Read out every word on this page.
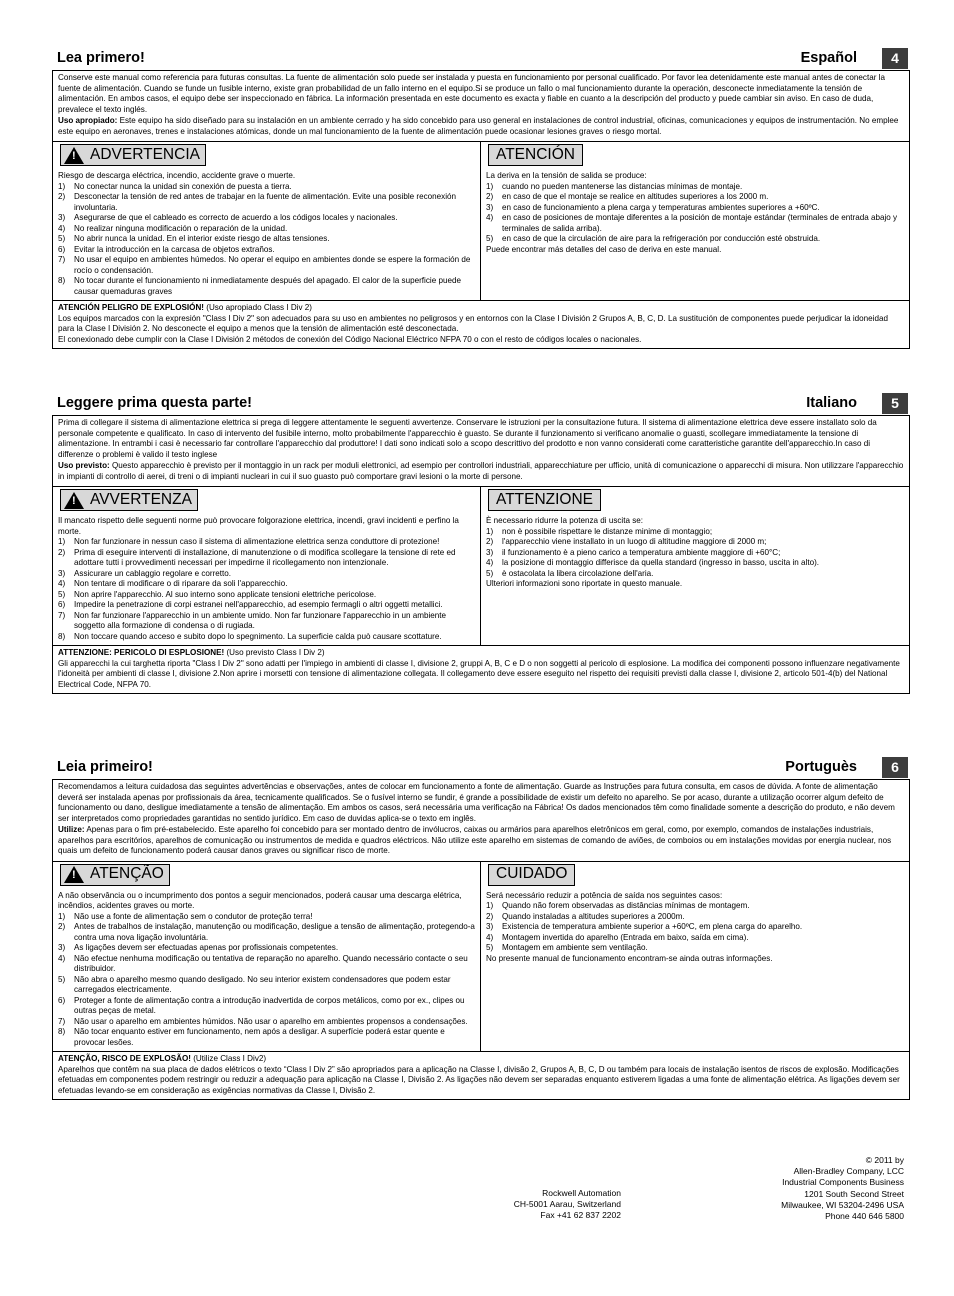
Lea primero!	Español	4

Conserve este manual como referencia para futuras consultas. La fuente de alimentación solo puede ser instalada y puesta en funcionamiento por personal cualificado. Por favor lea detenidamente este manual antes de conectar la fuente de alimentación. Cuando se funde un fusible interno, existe gran probabilidad de un fallo interno en el equipo.Si se produce un fallo o mal funcionamiento durante la operación, desconecte inmediatamente la tensión de alimentación. En ambos casos, el equipo debe ser inspeccionado en fábrica. La información presentada en este documento es exacta y fiable en cuanto a la descripción del producto y puede cambiar sin aviso. En caso de duda, prevalece el texto inglés.

Uso apropiado: Este equipo ha sido diseñado para su instalación en un ambiente cerrado y ha sido concebido para uso general en instalaciones de control industrial, oficinas, comunicaciones y equipos de instrumentación. No emplee este equipo en aeronaves, trenes e instalaciones atómicas, donde un mal funcionamiento de la fuente de alimentación puede ocasionar lesiones graves o riesgo mortal.

! ADVERTENCIA
Riesgo de descarga eléctrica, incendio, accidente grave o muerte.
1) No conectar nunca la unidad sin conexión de puesta a tierra.
2) Desconectar la tensión de red antes de trabajar en la fuente de alimentación. Evite una posible reconexión involuntaria.
3) Asegurarse de que el cableado es correcto de acuerdo a los códigos locales y nacionales.
4) No realizar ninguna modificación o reparación de la unidad.
5) No abrir nunca la unidad. En el interior existe riesgo de altas tensiones.
6) Evitar la introducción en la carcasa de objetos extraños.
7) No usar el equipo en ambientes húmedos. No operar el equipo en ambientes donde se espere la formación de rocío o condensación.
8) No tocar durante el funcionamiento ni inmediatamente después del apagado. El calor de la superficie puede causar quemaduras graves
ATENCIÓN
La deriva en la tensión de salida se produce:
1) cuando no pueden mantenerse las distancias mínimas de montaje.
2) en caso de que el montaje se realice en altitudes superiores a los 2000 m.
3) en caso de funcionamiento a plena carga y temperaturas ambientes superiores a +60ºC.
4) en caso de posiciones de montaje diferentes a la posición de montaje estándar (terminales de entrada abajo y terminales de salida arriba).
5) en caso de que la circulación de aire para la refrigeración por conducción esté obstruida.
Puede encontrar más detalles del caso de deriva en este manual.
ATENCIÓN PELIGRO DE EXPLOSIÓN! (Uso apropiado Class I Div 2)
Los equipos marcados con la expresión "Class I Div 2" son adecuados para su uso en ambientes no peligrosos y en entornos con la Clase I División 2 Grupos A, B, C, D. La sustitución de componentes puede perjudicar la idoneidad para la Clase I División 2. No desconecte el equipo a menos que la tensión de alimentación esté desconectada.
El conexionado debe cumplir con la Clase I División 2 métodos de conexión del Código Nacional Eléctrico NFPA 70 o con el resto de códigos locales o nacionales.
Leggere prima questa parte!	Italiano	5

Prima di collegare il sistema di alimentazione elettrica si prega di leggere attentamente le seguenti avvertenze. Conservare le istruzioni per la consultazione futura. Il sistema di alimentazione elettrica deve essere installato solo da personale competente e qualificato. In caso di intervento del fusibile interno, molto probabilmente l'apparecchio è guasto. Se durante il funzionamento si verificano anomalie o guasti, scollegare immediatamente la tensione di alimentazione. In entrambi i casi è necessario far controllare l'apparecchio dal produttore! I dati sono indicati solo a scopo descrittivo del prodotto e non vanno considerati come caratteristiche garantite dell'apparecchio.In caso di differenze o problemi è valido il testo inglese

Uso previsto: Questo apparecchio è previsto per il montaggio in un rack per moduli elettronici, ad esempio per controllori industriali, apparecchiature per ufficio, unità di comunicazione o apparecchi di misura. Non utilizzare l'apparecchio in impianti di controllo di aerei, di treni o di impianti nucleari in cui il suo guasto può comportare gravi lesioni o la morte di persone.

! AVVERTENZA
Il mancato rispetto delle seguenti norme può provocare folgorazione elettrica, incendi, gravi incidenti e perfino la morte.
1) Non far funzionare in nessun caso il sistema di alimentazione elettrica senza conduttore di protezione!
2) Prima di eseguire interventi di installazione, di manutenzione o di modifica scollegare la tensione di rete ed adottare tutti i provvedimenti necessari per impedirne il ricollegamento non intenzionale.
3) Assicurare un cablaggio regolare e corretto.
4) Non tentare di modificare o di riparare da soli l'apparecchio.
5) Non aprire l'apparecchio. Al suo interno sono applicate tensioni elettriche pericolose.
6) Impedire la penetrazione di corpi estranei nell'apparecchio, ad esempio fermagli o altri oggetti metallici.
7) Non far funzionare l'apparecchio in un ambiente umido. Non far funzionare l'apparecchio in un ambiente soggetto alla formazione di condensa o di rugiada.
8) Non toccare quando acceso e subito dopo lo spegnimento. La superficie calda può causare scottature.
ATTENZIONE
È necessario ridurre la potenza di uscita se:
1) non è possibile rispettare le distanze minime di montaggio;
2) l'apparecchio viene installato in un luogo di altitudine maggiore di 2000 m;
3) il funzionamento è a pieno carico a temperatura ambiente maggiore di +60°C;
4) la posizione di montaggio differisce da quella standard (ingresso in basso, uscita in alto).
5) è ostacolata la libera circolazione dell'aria.
Ulteriori informazioni sono riportate in questo manuale.
ATTENZIONE: PERICOLO DI ESPLOSIONE! (Uso previsto Class I Div 2)
Gli apparecchi la cui targhetta riporta "Class I Div 2" sono adatti per l'impiego in ambienti di classe I, divisione 2, gruppi A, B, C e D o non soggetti al pericolo di esplosione. La modifica dei componenti possono influenzare negativamente l'idoneità per ambienti di classe I, divisione 2.Non aprire i morsetti con tensione di alimentazione collegata. Il collegamento deve essere eseguito nel rispetto dei requisiti previsti dalla classe I, divisione 2, articolo 501-4(b) del National Electrical Code, NFPA 70.
Leia primeiro!	Portuguès	6

Recomendamos a leitura cuidadosa das seguintes advertências e observações, antes de colocar em funcionamento a fonte de alimentação. Guarde as Instruções para futura consulta, em casos de dúvida. A fonte de alimentação deverá ser instalada apenas por profissionais da área, tecnicamente qualificados. Se o fusível interno se fundir, é grande a possibilidade de existir um defeito no aparelho. Se por acaso, durante a utilização ocorrer algum defeito de funcionamento ou dano, desligue imediatamente a tensão de alimentação. Em ambos os casos, será necessária uma verificação na Fábrica! Os dados mencionados têm como finalidade somente a descrição do produto, e não devem ser interpretados como propriedades garantidas no sentido jurídico. Em caso de duvidas aplica-se o texto em inglês.

Utilize: Apenas para o fim pré-estabelecido. Este aparelho foi concebido para ser montado dentro de invólucros, caixas ou armários para aparelhos eletrônicos em geral, como, por exemplo, comandos de instalações industriais, aparelhos para escritórios, aparelhos de comunicação ou instrumentos de medida e quadros eléctricos. Não utilize este aparelho em sistemas de comando de aviões, de comboios ou em instalações movidas por energia nuclear, nos quais um defeito de funcionamento poderá causar danos graves ou significar risco de morte.

! ATENÇÃO
A não observância ou o incumprimento dos pontos a seguir mencionados, poderá causar uma descarga elétrica, incêndios, acidentes graves ou morte.
1) Não use a fonte de alimentação sem o condutor de proteção terra!
2) Antes de trabalhos de instalação, manutenção ou modificação, desligue a tensão de alimentação, protegendo-a contra uma nova ligação involuntária.
3) As ligações devem ser efectuadas apenas por profissionais competentes.
4) Não efectue nenhuma modificação ou tentativa de reparação no aparelho. Quando necessário contacte o seu distribuidor.
5) Não abra o aparelho mesmo quando desligado. No seu interior existem condensadores que podem estar carregados electricamente.
6) Proteger a fonte de alimentação contra a introdução inadvertida de corpos metálicos, como por ex., clipes ou outras peças de metal.
7) Não usar o aparelho em ambientes húmidos. Não usar o aparelho em ambientes propensos a condensações.
8) Não tocar enquanto estiver em funcionamento, nem após a desligar. A superfície poderá estar quente e provocar lesões.
CUIDADO
Será necessário reduzir a potência de saída nos seguintes casos:
1) Quando não forem observadas as distâncias mínimas de montagem.
2) Quando instaladas a altitudes superiores a 2000m.
3) Existencia de temperatura ambiente superior a +60ºC, em plena carga do aparelho.
4) Montagem invertida do aparelho (Entrada em baixo, saída em cima).
5) Montagem em ambiente sem ventilação.
No presente manual de funcionamento encontram-se ainda outras informações.
ATENÇÃO, RISCO DE EXPLOSÃO! (Utilize Class I Div2)
Aparelhos que contêm na sua placa de dados elétricos o texto “Class I Div 2” são apropriados para a aplicação na Classe I, divisão 2, Grupos A, B, C, D ou também para locais de instalação isentos de riscos de explosão. Modificações efetuadas em componentes podem restringir ou reduzir a adequação para aplicação na Classe I, Divisão 2. As ligações não devem ser separadas enquanto estiverem ligadas a uma fonte de alimentação elétrica. As ligações devem ser efetuadas levando-se em consideração as exigências normativas da Classe I, Divisão 2.
Rockwell Automation
CH-5001 Aarau, Switzerland
Fax +41 62 837 2202
© 2011 by
Allen-Bradley Company, LCC
Industrial Components Business
1201 South Second Street
Milwaukee, WI 53204-2496 USA
Phone 440 646 5800
